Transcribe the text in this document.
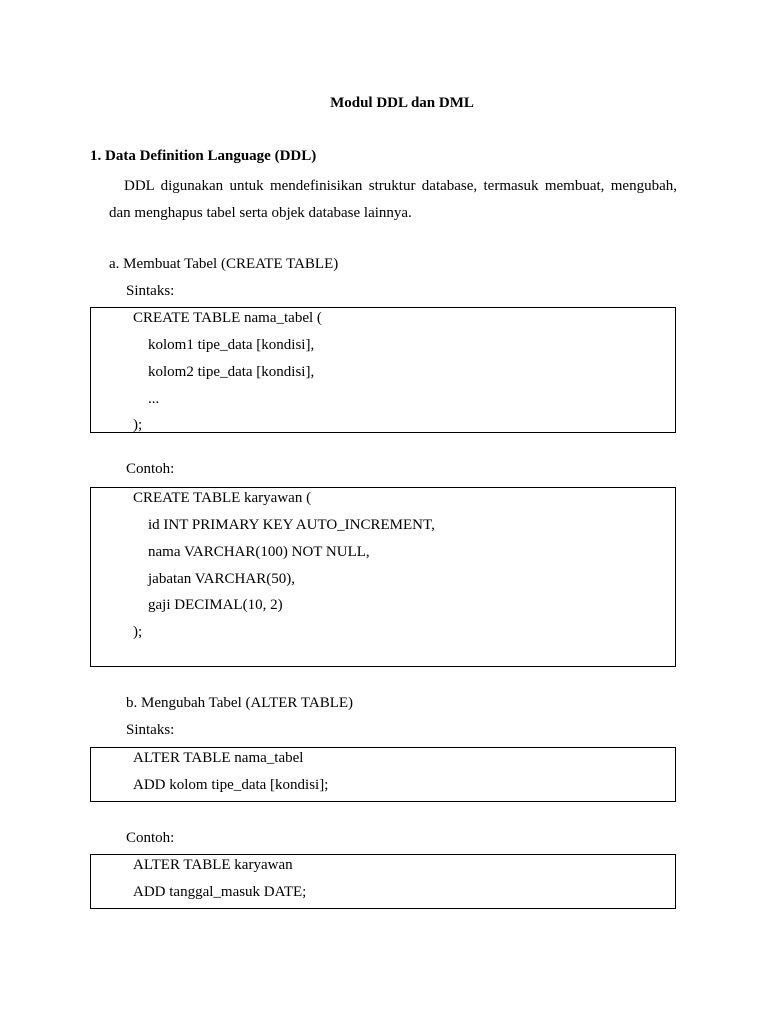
Modul DDL dan DML
1. Data Definition Language (DDL)
DDL digunakan untuk mendefinisikan struktur database, termasuk membuat, mengubah, dan menghapus tabel serta objek database lainnya.
a. Membuat Tabel (CREATE TABLE)
Sintaks:
CREATE TABLE nama_tabel (
kolom1 tipe_data [kondisi],
kolom2 tipe_data [kondisi],
...
);
Contoh:
CREATE TABLE karyawan (
id INT PRIMARY KEY AUTO_INCREMENT,
nama VARCHAR(100) NOT NULL,
jabatan VARCHAR(50),
gaji DECIMAL(10, 2)
);
b. Mengubah Tabel (ALTER TABLE)
Sintaks:
ALTER TABLE nama_tabel
ADD kolom tipe_data [kondisi];
Contoh:
ALTER TABLE karyawan
ADD tanggal_masuk DATE;
